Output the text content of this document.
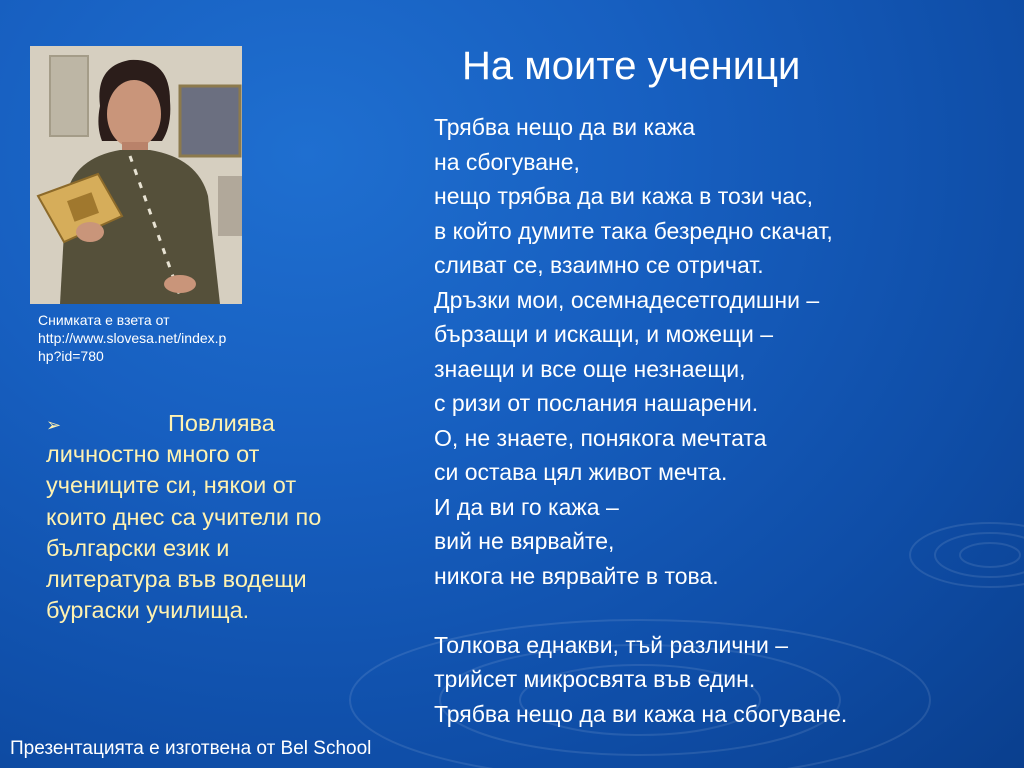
Снимката е взета от
http://www.slovesa.net/index.p
hp?id=780
На моите ученици
Трябва нещо да ви кажа
на сбогуване,
нещо трябва да ви кажа в този час,
в който думите така безредно скачат,
сливат се, взаимно се отричат.
Дръзки мои, осемнадесетгодишни –
бързащи и искащи, и можещи –
знаещи и все още незнаещи,
с ризи от послания нашарени.
О, не знаете, понякога мечтата
си остава цял живот мечта.
И да ви го кажа –
вий не вярвайте,
никога не вярвайте в това.
Толкова еднакви, тъй различни –
трийсет микросвята във един.
Трябва нещо да ви кажа на сбогуване.
➢	Повлиява личностно много от учениците си, някои от които днес са учители по български език и литература във водещи бургаски училища.
Презентацията е изготвена от Bel School
